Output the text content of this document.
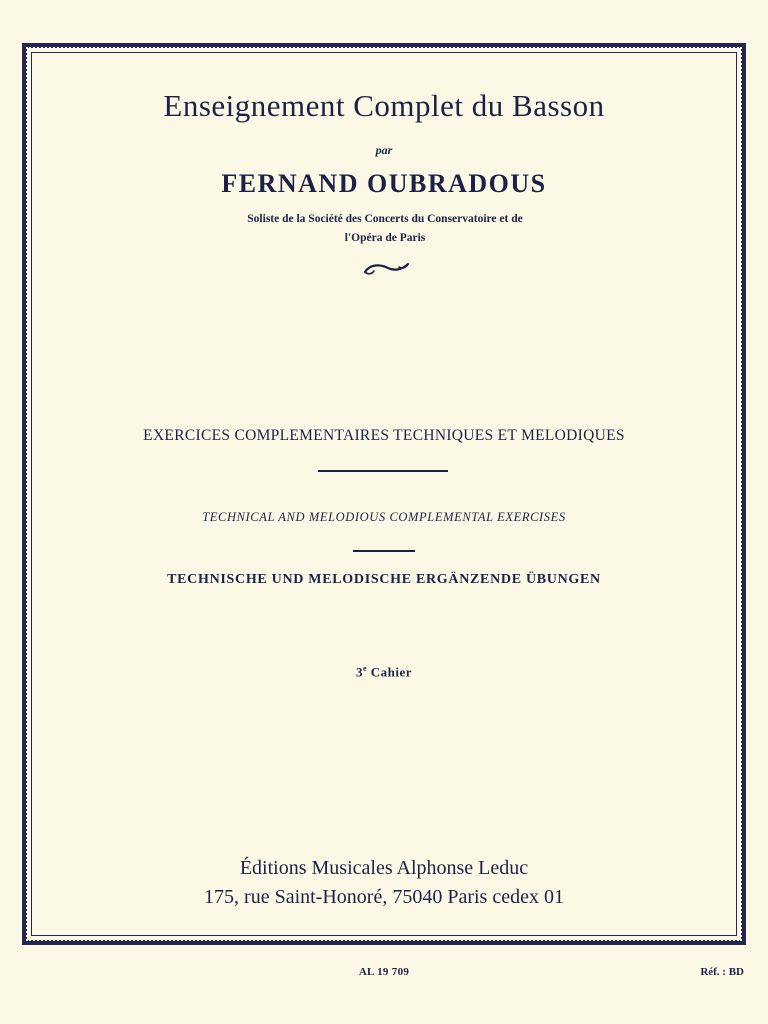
Enseignement Complet du Basson
par
FERNAND OUBRADOUS
Soliste de la Société des Concerts du Conservatoire et de l'Opéra de Paris
EXERCICES COMPLEMENTAIRES TECHNIQUES ET MELODIQUES
TECHNICAL AND MELODIOUS COMPLEMENTAL EXERCISES
TECHNISCHE UND MELODISCHE ERGÄNZENDE ÜBUNGEN
3e Cahier
Éditions Musicales Alphonse Leduc
175, rue Saint-Honoré, 75040 Paris cedex 01
AL 19 709	Réf. : BD
